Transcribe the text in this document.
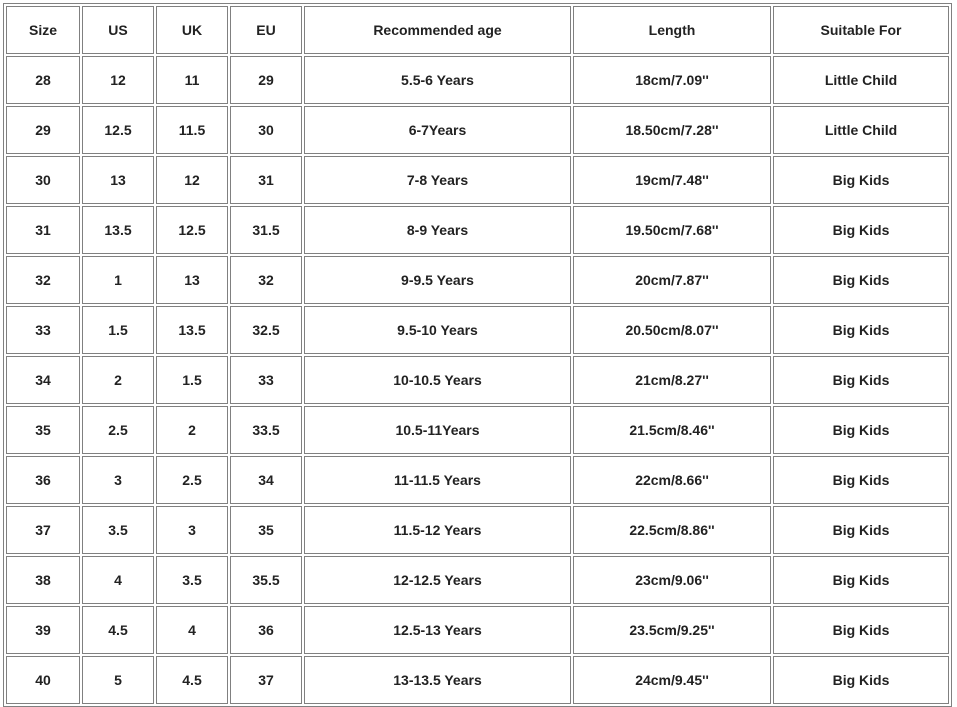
Size	US	UK	EU	Recommended age	Length	Suitable For
28	12	11	29	5.5-6 Years	18cm/7.09''	Little Child
29	12.5	11.5	30	6-7Years	18.50cm/7.28''	Little Child
30	13	12	31	7-8 Years	19cm/7.48''	Big Kids
31	13.5	12.5	31.5	8-9 Years	19.50cm/7.68''	Big Kids
32	1	13	32	9-9.5 Years	20cm/7.87''	Big Kids
33	1.5	13.5	32.5	9.5-10 Years	20.50cm/8.07''	Big Kids
34	2	1.5	33	10-10.5 Years	21cm/8.27''	Big Kids
35	2.5	2	33.5	10.5-11Years	21.5cm/8.46''	Big Kids
36	3	2.5	34	11-11.5 Years	22cm/8.66''	Big Kids
37	3.5	3	35	11.5-12 Years	22.5cm/8.86''	Big Kids
38	4	3.5	35.5	12-12.5 Years	23cm/9.06''	Big Kids
39	4.5	4	36	12.5-13 Years	23.5cm/9.25''	Big Kids
40	5	4.5	37	13-13.5 Years	24cm/9.45''	Big Kids
